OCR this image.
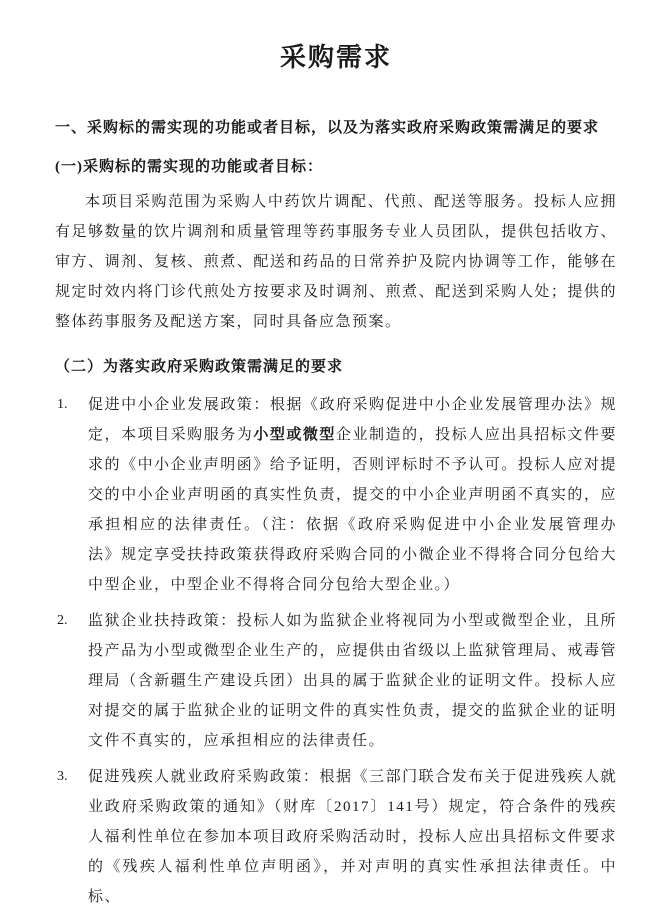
采购需求
一、采购标的需实现的功能或者目标，以及为落实政府采购政策需满足的要求
(一)采购标的需实现的功能或者目标：
本项目采购范围为采购人中药饮片调配、代煎、配送等服务。投标人应拥有足够数量的饮片调剂和质量管理等药事服务专业人员团队，提供包括收方、审方、调剂、复核、煎煮、配送和药品的日常养护及院内协调等工作，能够在规定时效内将门诊代煎处方按要求及时调剂、煎煮、配送到采购人处；提供的整体药事服务及配送方案，同时具备应急预案。
（二）为落实政府采购政策需满足的要求
1.	促进中小企业发展政策：根据《政府采购促进中小企业发展管理办法》规定，本项目采购服务为小型或微型企业制造的，投标人应出具招标文件要求的《中小企业声明函》给予证明，否则评标时不予认可。投标人应对提交的中小企业声明函的真实性负责，提交的中小企业声明函不真实的，应承担相应的法律责任。（注：依据《政府采购促进中小企业发展管理办法》规定享受扶持政策获得政府采购合同的小微企业不得将合同分包给大中型企业，中型企业不得将合同分包给大型企业。）
2.	监狱企业扶持政策：投标人如为监狱企业将视同为小型或微型企业，且所投产品为小型或微型企业生产的，应提供由省级以上监狱管理局、戒毒管理局（含新疆生产建设兵团）出具的属于监狱企业的证明文件。投标人应对提交的属于监狱企业的证明文件的真实性负责，提交的监狱企业的证明文件不真实的，应承担相应的法律责任。
3.	促进残疾人就业政府采购政策：根据《三部门联合发布关于促进残疾人就业政府采购政策的通知》（财库〔2017〕141号）规定，符合条件的残疾人福利性单位在参加本项目政府采购活动时，投标人应出具招标文件要求的《残疾人福利性单位声明函》，并对声明的真实性承担法律责任。中标、
